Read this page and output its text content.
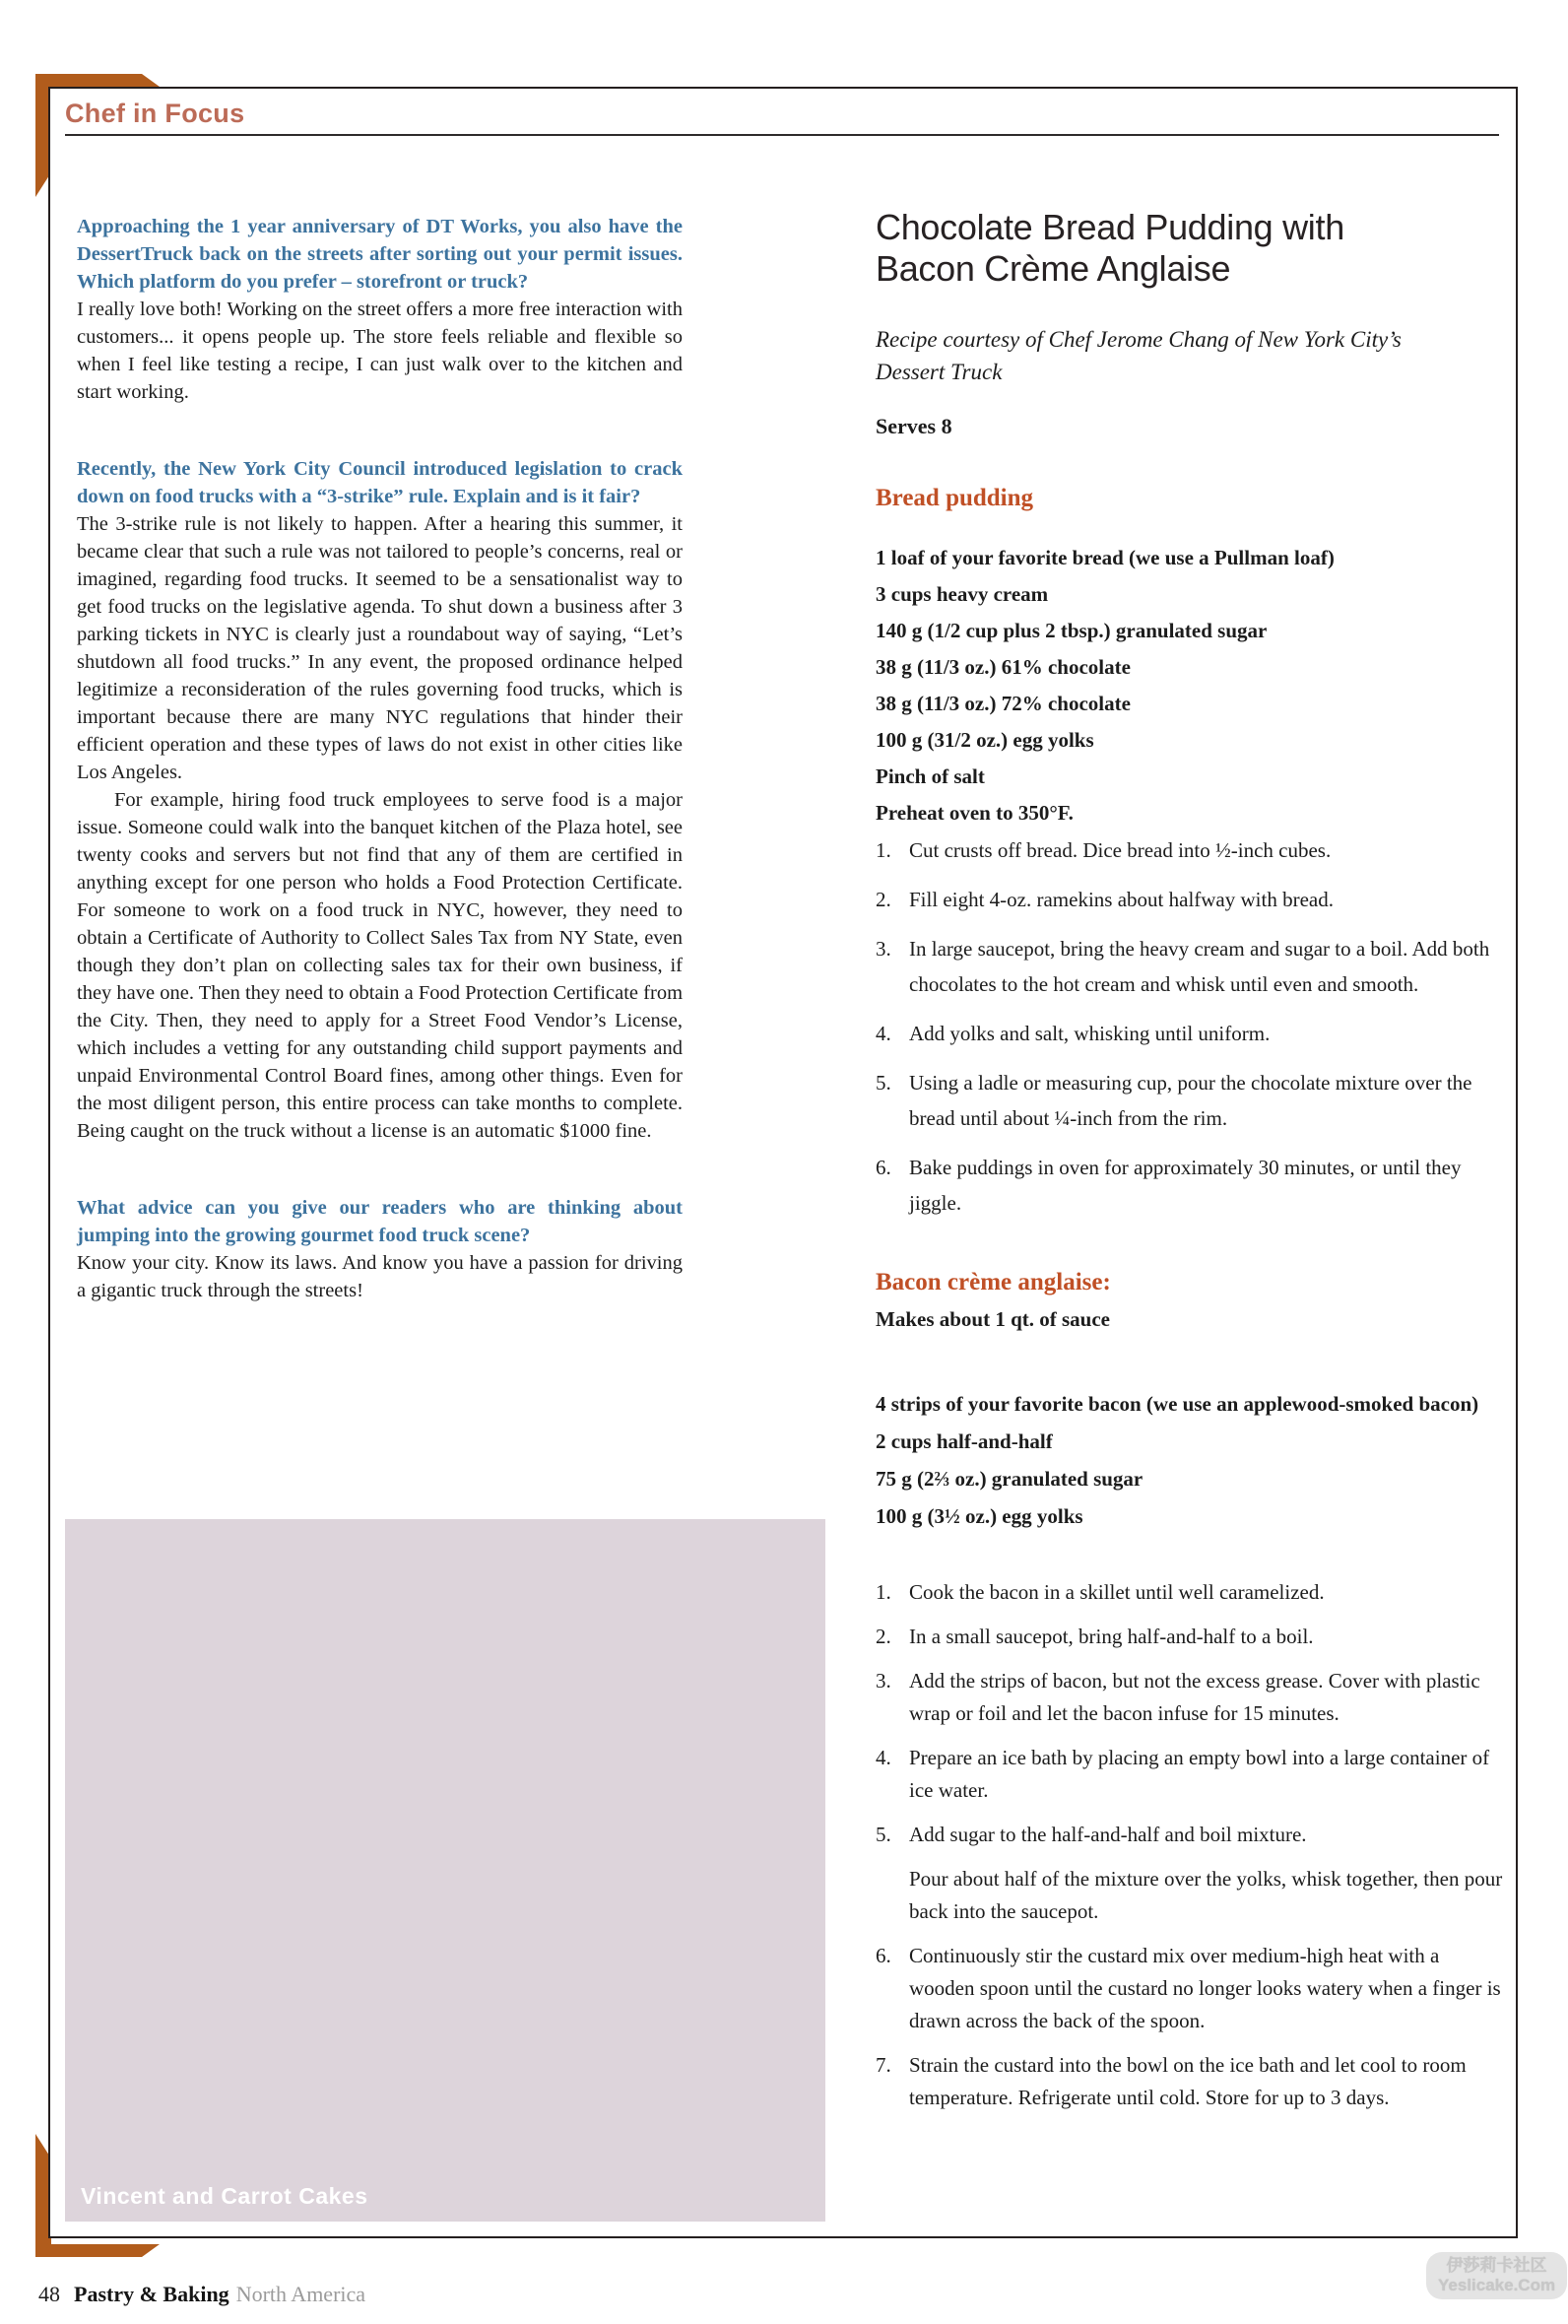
Chef in Focus

Approaching the 1 year anniversary of DT Works, you also have the DessertTruck back on the streets after sorting out your permit issues. Which platform do you prefer – storefront or truck?

I really love both! Working on the street offers a more free interaction with customers... it opens people up. The store feels reliable and flexible so when I feel like testing a recipe, I can just walk over to the kitchen and start working.

Recently, the New York City Council introduced legislation to crack down on food trucks with a “3-strike” rule. Explain and is it fair?

The 3-strike rule is not likely to happen. After a hearing this summer, it became clear that such a rule was not tailored to people’s concerns, real or imagined, regarding food trucks. It seemed to be a sensationalist way to get food trucks on the legislative agenda. To shut down a business after 3 parking tickets in NYC is clearly just a roundabout way of saying, “Let’s shutdown all food trucks.” In any event, the proposed ordinance helped legitimize a reconsideration of the rules governing food trucks, which is important because there are many NYC regulations that hinder their efficient operation and these types of laws do not exist in other cities like Los Angeles.

For example, hiring food truck employees to serve food is a major issue. Someone could walk into the banquet kitchen of the Plaza hotel, see twenty cooks and servers but not find that any of them are certified in anything except for one person who holds a Food Protection Certificate. For someone to work on a food truck in NYC, however, they need to obtain a Certificate of Authority to Collect Sales Tax from NY State, even though they don’t plan on collecting sales tax for their own business, if they have one. Then they need to obtain a Food Protection Certificate from the City. Then, they need to apply for a Street Food Vendor’s License, which includes a vetting for any outstanding child support payments and unpaid Environmental Control Board fines, among other things. Even for the most diligent person, this entire process can take months to complete. Being caught on the truck without a license is an automatic $1000 fine.

What advice can you give our readers who are thinking about jumping into the growing gourmet food truck scene?

Know your city. Know its laws. And know you have a passion for driving a gigantic truck through the streets!

Vincent and Carrot Cakes
Chocolate Bread Pudding with
Bacon Crème Anglaise
Recipe courtesy of Chef Jerome Chang of New York City’s Dessert Truck
Serves 8
Bread pudding
1 loaf of your favorite bread (we use a Pullman loaf)
3 cups heavy cream
140 g (1/2 cup plus 2 tbsp.) granulated sugar
38 g (11/3 oz.) 61% chocolate
38 g (11/3 oz.) 72% chocolate
100 g (31/2 oz.) egg yolks
Pinch of salt
Preheat oven to 350°F.
1. Cut crusts off bread. Dice bread into ½-inch cubes.
2. Fill eight 4-oz. ramekins about halfway with bread.
3. In large saucepot, bring the heavy cream and sugar to a boil. Add both chocolates to the hot cream and whisk until even and smooth.
4. Add yolks and salt, whisking until uniform.
5. Using a ladle or measuring cup, pour the chocolate mixture over the bread until about ¼-inch from the rim.
6. Bake puddings in oven for approximately 30 minutes, or until they jiggle.
Bacon crème anglaise:
Makes about 1 qt. of sauce
4 strips of your favorite bacon (we use an applewood-smoked bacon)
2 cups half-and-half
75 g (2⅔ oz.) granulated sugar
100 g (3½ oz.) egg yolks
1. Cook the bacon in a skillet until well caramelized.
2. In a small saucepot, bring half-and-half to a boil.
3. Add the strips of bacon, but not the excess grease. Cover with plastic wrap or foil and let the bacon infuse for 15 minutes.
4. Prepare an ice bath by placing an empty bowl into a large container of ice water.
5. Add sugar to the half-and-half and boil mixture.
Pour about half of the mixture over the yolks, whisk together, then pour back into the saucepot.
6. Continuously stir the custard mix over medium-high heat with a wooden spoon until the custard no longer looks watery when a finger is drawn across the back of the spoon.
7. Strain the custard into the bowl on the ice bath and let cool to room temperature. Refrigerate until cold. Store for up to 3 days.
48 Pastry & Baking North America
伊莎莉卡社区
Yeslicake.Com
